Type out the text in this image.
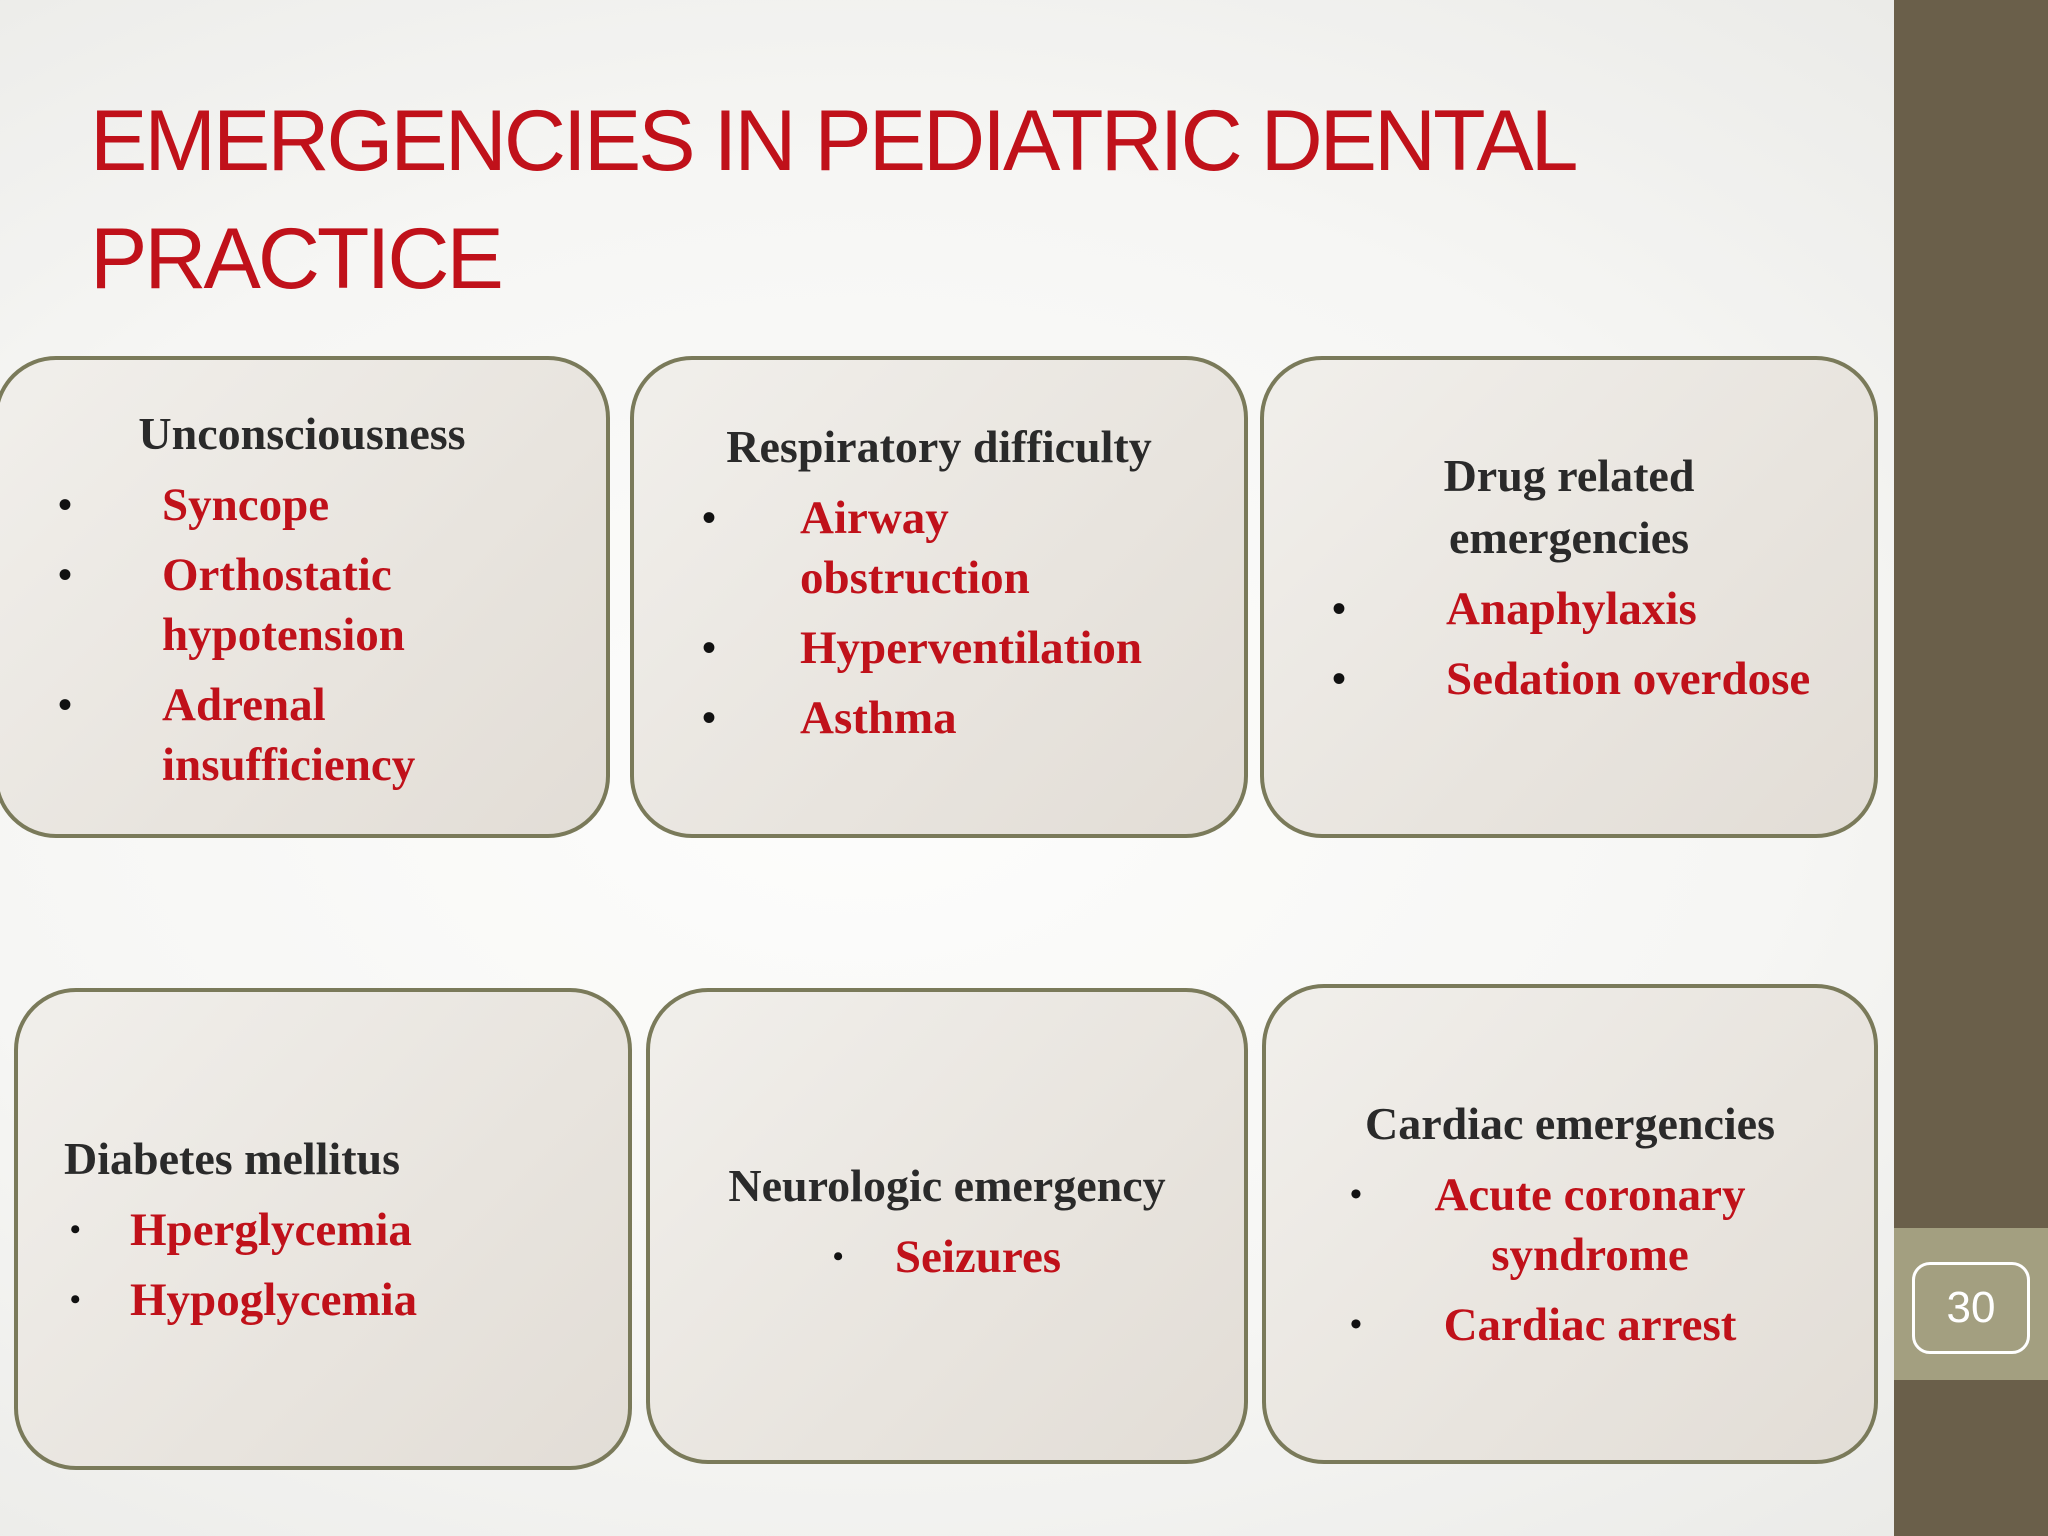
30
EMERGENCIES IN PEDIATRIC DENTAL PRACTICE
Unconsciousness
• Syncope
• Orthostatic hypotension
• Adrenal insufficiency
Respiratory difficulty
• Airway obstruction
• Hyperventilation
• Asthma
Drug related emergencies
• Anaphylaxis
• Sedation overdose
Diabetes mellitus
• Hperglycemia
• Hypoglycemia
Neurologic emergency
• Seizures
Cardiac emergencies
• Acute coronary syndrome
• Cardiac arrest
